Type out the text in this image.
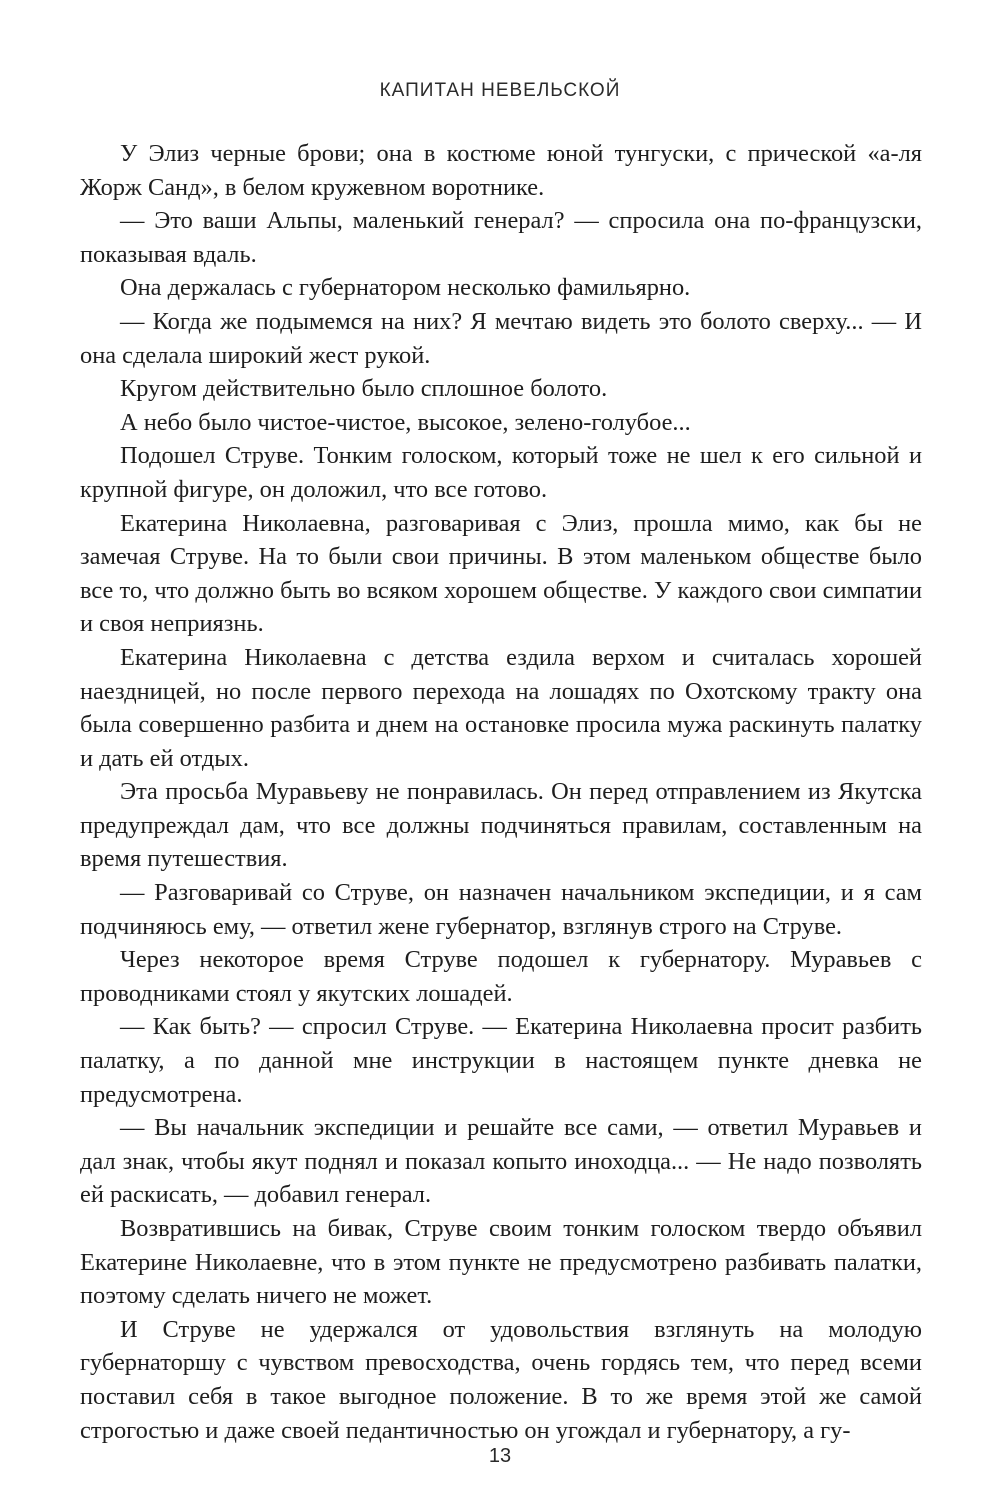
КАПИТАН НЕВЕЛЬСКОЙ

У Элиз черные брови; она в костюме юной тунгуски, с прической «а-ля Жорж Санд», в белом кружевном воротнике.

— Это ваши Альпы, маленький генерал? — спросила она по-французски, показывая вдаль.

Она держалась с губернатором несколько фамильярно.

— Когда же подымемся на них? Я мечтаю видеть это болото сверху... — И она сделала широкий жест рукой.

Кругом действительно было сплошное болото.

А небо было чистое-чистое, высокое, зелено-голубое...

Подошел Струве. Тонким голоском, который тоже не шел к его сильной и крупной фигуре, он доложил, что все готово.

Екатерина Николаевна, разговаривая с Элиз, прошла мимо, как бы не замечая Струве. На то были свои причины. В этом маленьком обществе было все то, что должно быть во всяком хорошем обществе. У каждого свои симпатии и своя неприязнь.

Екатерина Николаевна с детства ездила верхом и считалась хорошей наездницей, но после первого перехода на лошадях по Охотскому тракту она была совершенно разбита и днем на остановке просила мужа раскинуть палатку и дать ей отдых.

Эта просьба Муравьеву не понравилась. Он перед отправлением из Якутска предупреждал дам, что все должны подчиняться правилам, составленным на время путешествия.

— Разговаривай со Струве, он назначен начальником экспедиции, и я сам подчиняюсь ему, — ответил жене губернатор, взглянув строго на Струве.

Через некоторое время Струве подошел к губернатору. Муравьев с проводниками стоял у якутских лошадей.

— Как быть? — спросил Струве. — Екатерина Николаевна просит разбить палатку, а по данной мне инструкции в настоящем пункте дневка не предусмотрена.

— Вы начальник экспедиции и решайте все сами, — ответил Муравьев и дал знак, чтобы якут поднял и показал копыто иноходца... — Не надо позволять ей раскисать, — добавил генерал.

Возвратившись на бивак, Струве своим тонким голоском твердо объявил Екатерине Николаевне, что в этом пункте не предусмотрено разбивать палатки, поэтому сделать ничего не может.

И Струве не удержался от удовольствия взглянуть на молодую губернаторшу с чувством превосходства, очень гордясь тем, что перед всеми поставил себя в такое выгодное положение. В то же время этой же самой строгостью и даже своей педантичностью он угождал и губернатору, а гу-

13
